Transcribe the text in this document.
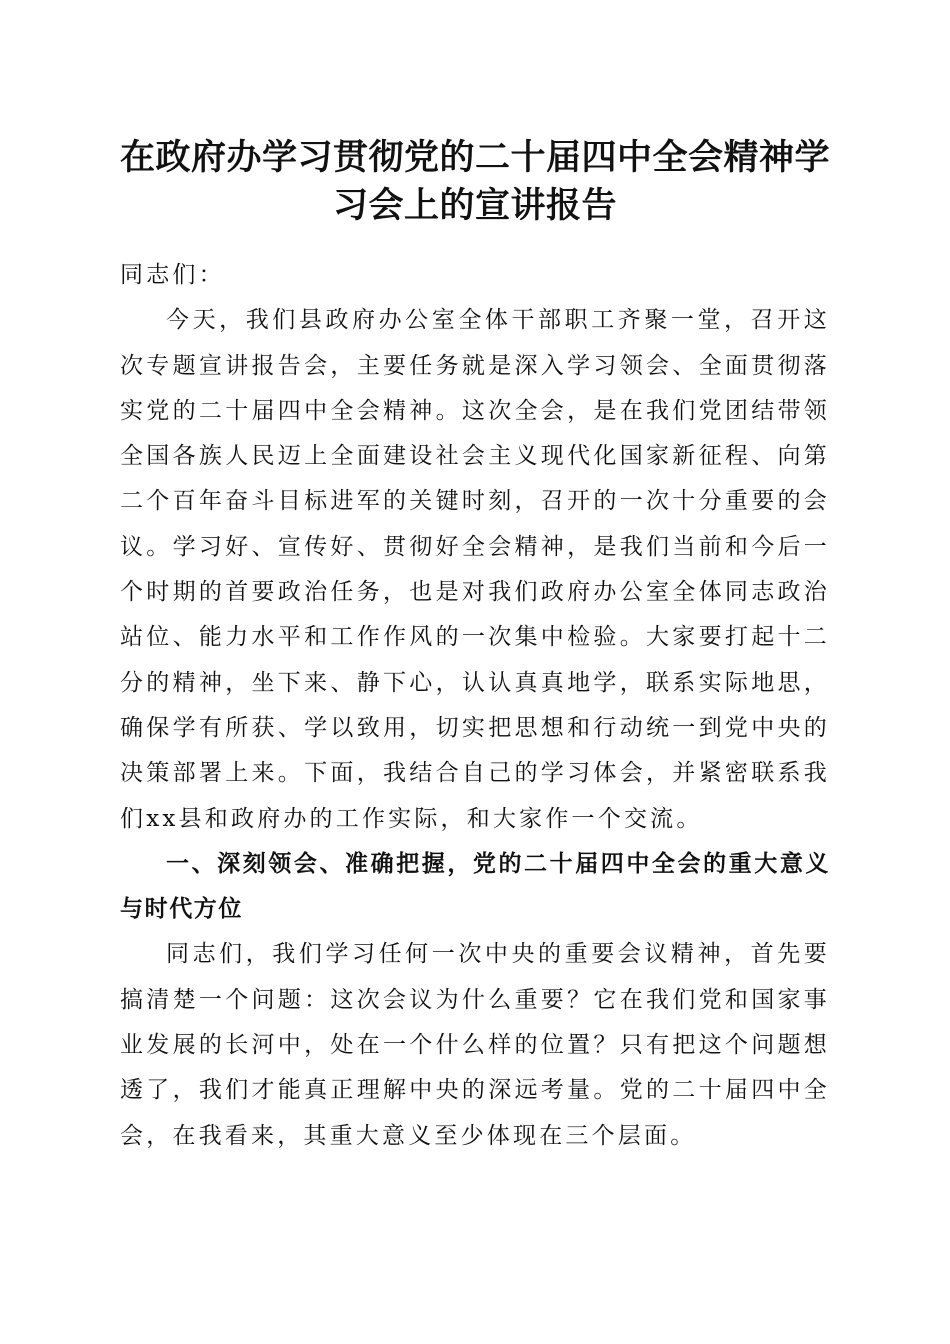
在政府办学习贯彻党的二十届四中全会精神学
习会上的宣讲报告

同志们：

今天，我们县政府办公室全体干部职工齐聚一堂，召开这次专题宣讲报告会，主要任务就是深入学习领会、全面贯彻落实党的二十届四中全会精神。这次全会，是在我们党团结带领全国各族人民迈上全面建设社会主义现代化国家新征程、向第二个百年奋斗目标进军的关键时刻，召开的一次十分重要的会议。学习好、宣传好、贯彻好全会精神，是我们当前和今后一个时期的首要政治任务，也是对我们政府办公室全体同志政治站位、能力水平和工作作风的一次集中检验。大家要打起十二分的精神，坐下来、静下心，认认真真地学，联系实际地思，确保学有所获、学以致用，切实把思想和行动统一到党中央的决策部署上来。下面，我结合自己的学习体会，并紧密联系我们xx县和政府办的工作实际，和大家作一个交流。

一、深刻领会、准确把握，党的二十届四中全会的重大意义与时代方位

同志们，我们学习任何一次中央的重要会议精神，首先要搞清楚一个问题：这次会议为什么重要？它在我们党和国家事业发展的长河中，处在一个什么样的位置？只有把这个问题想透了，我们才能真正理解中央的深远考量。党的二十届四中全会，在我看来，其重大意义至少体现在三个层面。
